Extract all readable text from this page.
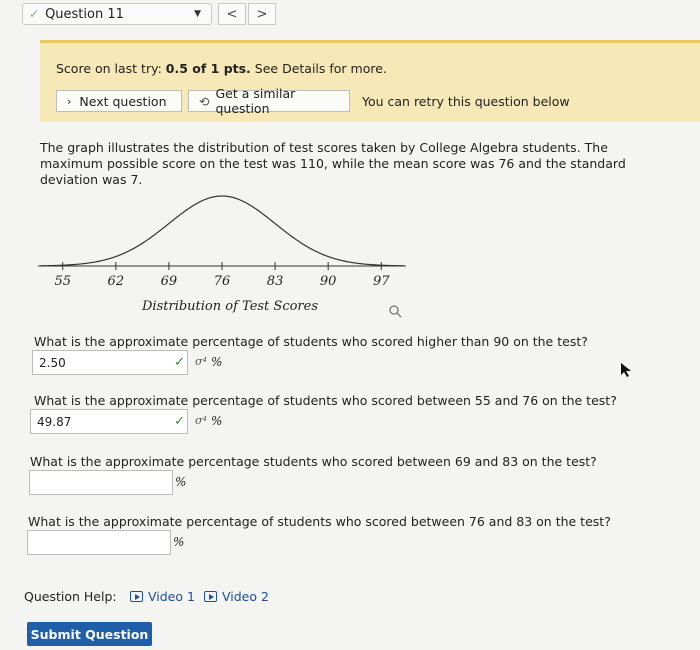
✓ Question 11	▼ < >
Score on last try: 0.5 of 1 pts. See Details for more.
› Next question	⟲ Get a similar question	You can retry this question below
The graph illustrates the distribution of test scores taken by College Algebra students. The maximum possible score on the test was 110, while the mean score was 76 and the standard deviation was 7.
55	62	69	76	83	90	97
Distribution of Test Scores
What is the approximate percentage of students who scored higher than 90 on the test?
2.50	✓ σ⁴ %
What is the approximate percentage of students who scored between 55 and 76 on the test?
49.87	✓ σ⁴ %
What is the approximate percentage students who scored between 69 and 83 on the test?
%
What is the approximate percentage of students who scored between 76 and 83 on the test?
%
Question Help:	Video 1 Video 2
Submit Question
